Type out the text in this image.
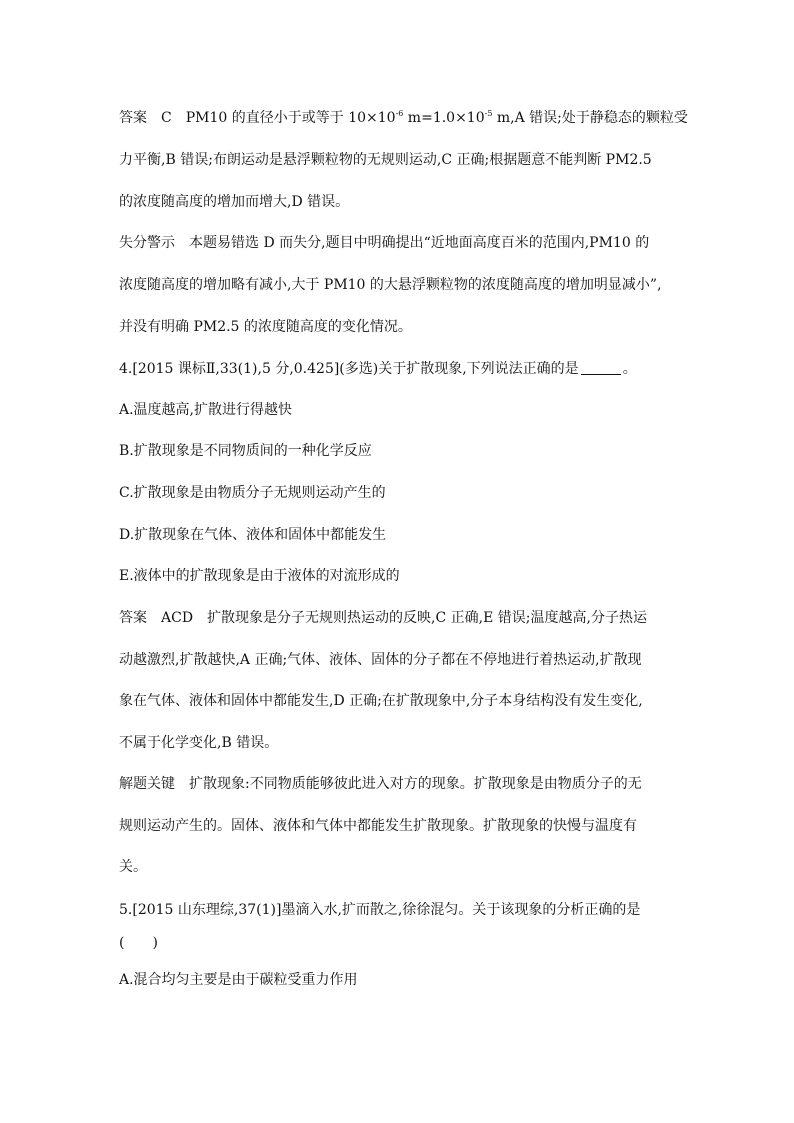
答案 C PM10 的直径小于或等于 $10\times 10^{-6}$ $m=1.0\times 10^{-5}$ m,A 错误;处于静稳态的颗粒受
力平衡,B 错误;布朗运动是悬浮颗粒物的无规则运动,C 正确;根据题意不能判断 PM2.5
的浓度随高度的增加而增大,D 错误。
失分警示 本题易错选 D 而失分,题目中明确提出“近地面高度百米的范围内,PM10 的
浓度随高度的增加略有减小,大于 PM10 的大悬浮颗粒物的浓度随高度的增加明显减小”,
并没有明确 PM2.5 的浓度随高度的变化情况。
4.[2015 课标Ⅱ,33(1),5 分,0.425](多选)关于扩散现象,下列说法正确的是	。
A.温度越高,扩散进行得越快
B.扩散现象是不同物质间的一种化学反应
C.扩散现象是由物质分子无规则运动产生的
D.扩散现象在气体、液体和固体中都能发生
E.液体中的扩散现象是由于液体的对流形成的
答案 ACD 扩散现象是分子无规则热运动的反映,C 正确,E 错误;温度越高,分子热运
动越激烈,扩散越快,A 正确;气体、液体、固体的分子都在不停地进行着热运动,扩散现
象在气体、液体和固体中都能发生,D 正确;在扩散现象中,分子本身结构没有发生变化,
不属于化学变化,B 错误。
解题关键 扩散现象:不同物质能够彼此进入对方的现象。扩散现象是由物质分子的无
规则运动产生的。固体、液体和气体中都能发生扩散现象。扩散现象的快慢与温度有
关。
5.[2015 山东理综,37(1)]墨滴入水,扩而散之,徐徐混匀。关于该现象的分析正确的是
(　　)
A.混合均匀主要是由于碳粒受重力作用
